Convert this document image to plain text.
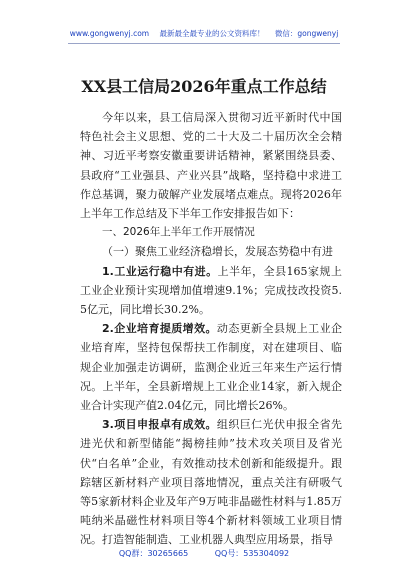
www.gongwenyj.com 最新最全最专业的公文资料库！ 微信：gongwenyj
XX县工信局2026年重点工作总结

今年以来，县工信局深入贯彻习近平新时代中国特色社会主义思想、党的二十大及二十届历次全会精神、习近平考察安徽重要讲话精神，紧紧围绕县委、县政府“工业强县、产业兴县”战略，坚持稳中求进工作总基调，聚力破解产业发展堵点难点。现将2026年上半年工作总结及下半年工作安排报告如下：

一、2026年上半年工作开展情况

（一）聚焦工业经济稳增长，发展态势稳中有进

1.工业运行稳中有进。上半年，全县165家规上工业企业预计实现增加值增速9.1%；完成技改投资5.5亿元，同比增长30.2%。

2.企业培育提质增效。动态更新全县规上工业企业培育库，坚持包保帮扶工作制度，对在建项目、临规企业加强走访调研，监测企业近三年来生产运行情况。上半年，全县新增规上工业企业14家，新入规企业合计实现产值2.04亿元，同比增长26%。

3.项目申报卓有成效。组织巨仁光伏申报全省先进光伏和新型储能“揭榜挂帅”技术攻关项目及省光伏“白名单”企业，有效推动技术创新和能级提升。跟踪辖区新材料产业项目落地情况，重点关注有研吸气等5家新材料企业及年产9万吨非晶磁性材料与1.85万吨纳米晶磁性材料项目等4个新材料领域工业项目情况。打造智能制造、工业机器人典型应用场景，指导

QQ群：30265665	QQ号：535304092
